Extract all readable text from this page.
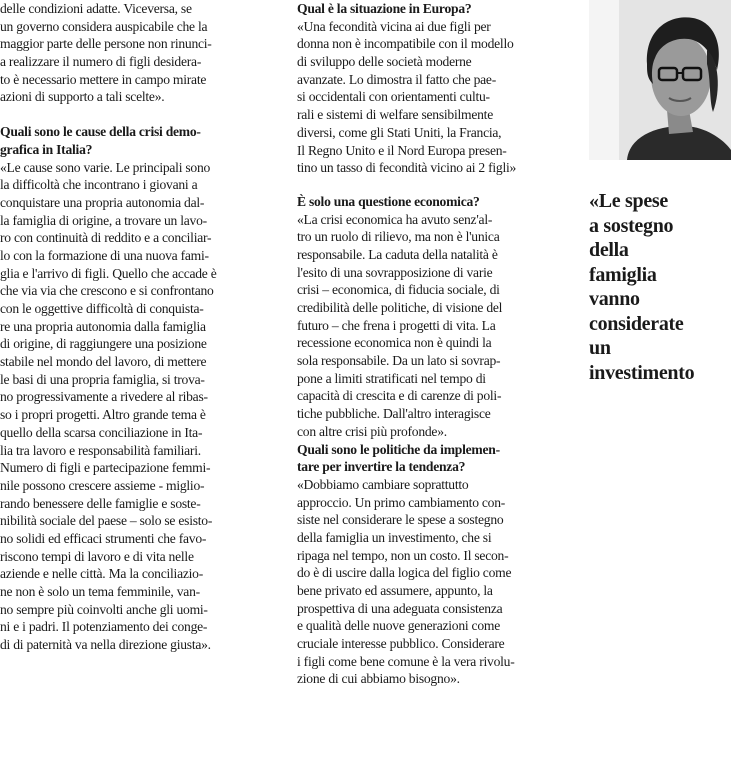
delle condizioni adatte. Viceversa, se
un governo considera auspicabile che la
maggior parte delle persone non rinunci-
a realizzare il numero di figli desidera-
to è necessario mettere in campo mirate
azioni di supporto a tali scelte».
Quali sono le cause della crisi demo-
grafica in Italia?
«Le cause sono varie. Le principali sono
la difficoltà che incontrano i giovani a
conquistare una propria autonomia dal-
la famiglia di origine, a trovare un lavo-
ro con continuità di reddito e a conciliar-
lo con la formazione di una nuova fami-
glia e l'arrivo di figli. Quello che accade è
che via via che crescono e si confrontano
con le oggettive difficoltà di conquista-
re una propria autonomia dalla famiglia
di origine, di raggiungere una posizione
stabile nel mondo del lavoro, di mettere
le basi di una propria famiglia, si trova-
no progressivamente a rivedere al ribas-
so i propri progetti. Altro grande tema è
quello della scarsa conciliazione in Ita-
lia tra lavoro e responsabilità familiari.
Numero di figli e partecipazione femmi-
nile possono crescere assieme - miglio-
rando benessere delle famiglie e soste-
nibilità sociale del paese – solo se esisto-
no solidi ed efficaci strumenti che favo-
riscono tempi di lavoro e di vita nelle
aziende e nelle città. Ma la conciliazio-
ne non è solo un tema femminile, van-
no sempre più coinvolti anche gli uomi-
ni e i padri. Il potenziamento dei conge-
di di paternità va nella direzione giusta».
Qual è la situazione in Europa?
«Una fecondità vicina ai due figli per
donna non è incompatibile con il modello
di sviluppo delle società moderne
avanzate. Lo dimostra il fatto che pae-
si occidentali con orientamenti cultu-
rali e sistemi di welfare sensibilmente
diversi, come gli Stati Uniti, la Francia,
Il Regno Unito e il Nord Europa presen-
tino un tasso di fecondità vicino ai 2 figli»
È solo una questione economica?
«La crisi economica ha avuto senz'al-
tro un ruolo di rilievo, ma non è l'unica
responsabile. La caduta della natalità è
l'esito di una sovrapposizione di varie
crisi – economica, di fiducia sociale, di
credibilità delle politiche, di visione del
futuro – che frena i progetti di vita. La
recessione economica non è quindi la
sola responsabile. Da un lato si sovrap-
pone a limiti stratificati nel tempo di
capacità di crescita e di carenze di poli-
tiche pubbliche. Dall'altro interagisce
con altre crisi più profonde».
Quali sono le politiche da implemen-
tare per invertire la tendenza?
«Dobbiamo cambiare soprattutto
approccio. Un primo cambiamento con-
siste nel considerare le spese a sostegno
della famiglia un investimento, che si
ripaga nel tempo, non un costo. Il secon-
do è di uscire dalla logica del figlio come
bene privato ed assumere, appunto, la
prospettiva di una adeguata consistenza
e qualità delle nuove generazioni come
cruciale interesse pubblico. Considerare
i figli come bene comune è la vera rivolu-
zione di cui abbiamo bisogno».
«Le spese
a sostegno
della
famiglia
vanno
considerate
un
investimento
